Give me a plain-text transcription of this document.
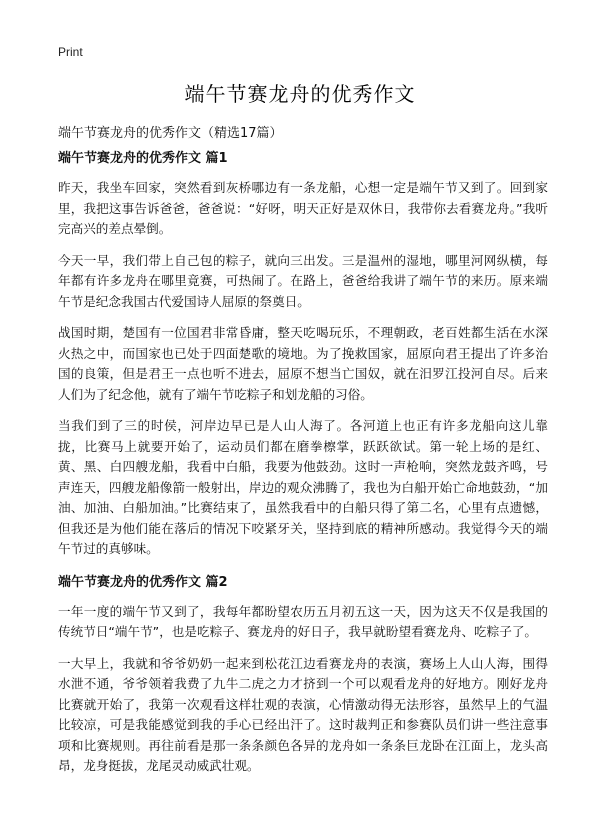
Print
端午节赛龙舟的优秀作文

端午节赛龙舟的优秀作文（精选17篇）

端午节赛龙舟的优秀作文 篇1

昨天，我坐车回家，突然看到灰桥哪边有一条龙船，心想一定是端午节又到了。回到家里，我把这事告诉爸爸，爸爸说：“好呀，明天正好是双休日，我带你去看赛龙舟。”我听完高兴的差点晕倒。

今天一早，我们带上自己包的粽子，就向三出发。三是温州的湿地，哪里河网纵横，每年都有许多龙舟在哪里竟赛，可热闹了。在路上，爸爸给我讲了端午节的来历。原来端午节是纪念我国古代爱国诗人屈原的祭奠日。

战国时期，楚国有一位国君非常昏庸，整天吃喝玩乐，不理朝政，老百姓都生活在水深火热之中，而国家也已处于四面楚歌的境地。为了挽救国家，屈原向君王提出了许多治国的良策，但是君王一点也听不进去，屈原不想当亡国奴，就在汨罗江投河自尽。后来人们为了纪念他，就有了端午节吃粽子和划龙船的习俗。

当我们到了三的时侯，河岸边早已是人山人海了。各河道上也正有许多龙船向这儿靠拢，比赛马上就要开始了，运动员们都在磨拳檫掌，跃跃欲试。第一轮上场的是红、黄、黑、白四艘龙船，我看中白船，我要为他鼓劲。这时一声枪响，突然龙鼓齐鸣，号声连天，四艘龙船像箭一般射出，岸边的观众沸腾了，我也为白船开始亡命地鼓劲，“加油、加油、白船加油。”比赛结束了，虽然我看中的白船只得了第二名，心里有点遗憾，但我还是为他们能在落后的情况下咬紧牙关，坚持到底的精神所感动。我觉得今天的端午节过的真够味。

端午节赛龙舟的优秀作文 篇2

一年一度的端午节又到了，我每年都盼望农历五月初五这一天，因为这天不仅是我国的传统节日“端午节”，也是吃粽子、赛龙舟的好日子，我早就盼望看赛龙舟、吃粽子了。

一大早上，我就和爷爷奶奶一起来到松花江边看赛龙舟的表演，赛场上人山人海，围得水泄不通，爷爷领着我费了九牛二虎之力才挤到一个可以观看龙舟的好地方。刚好龙舟比赛就开始了，我第一次观看这样壮观的表演，心情激动得无法形容，虽然早上的气温比较凉，可是我能感觉到我的手心已经出汗了。这时裁判正和参赛队员们讲一些注意事项和比赛规则。再往前看是那一条条颜色各异的龙舟如一条条巨龙卧在江面上，龙头高昂，龙身挺拔，龙尾灵动威武壮观。
